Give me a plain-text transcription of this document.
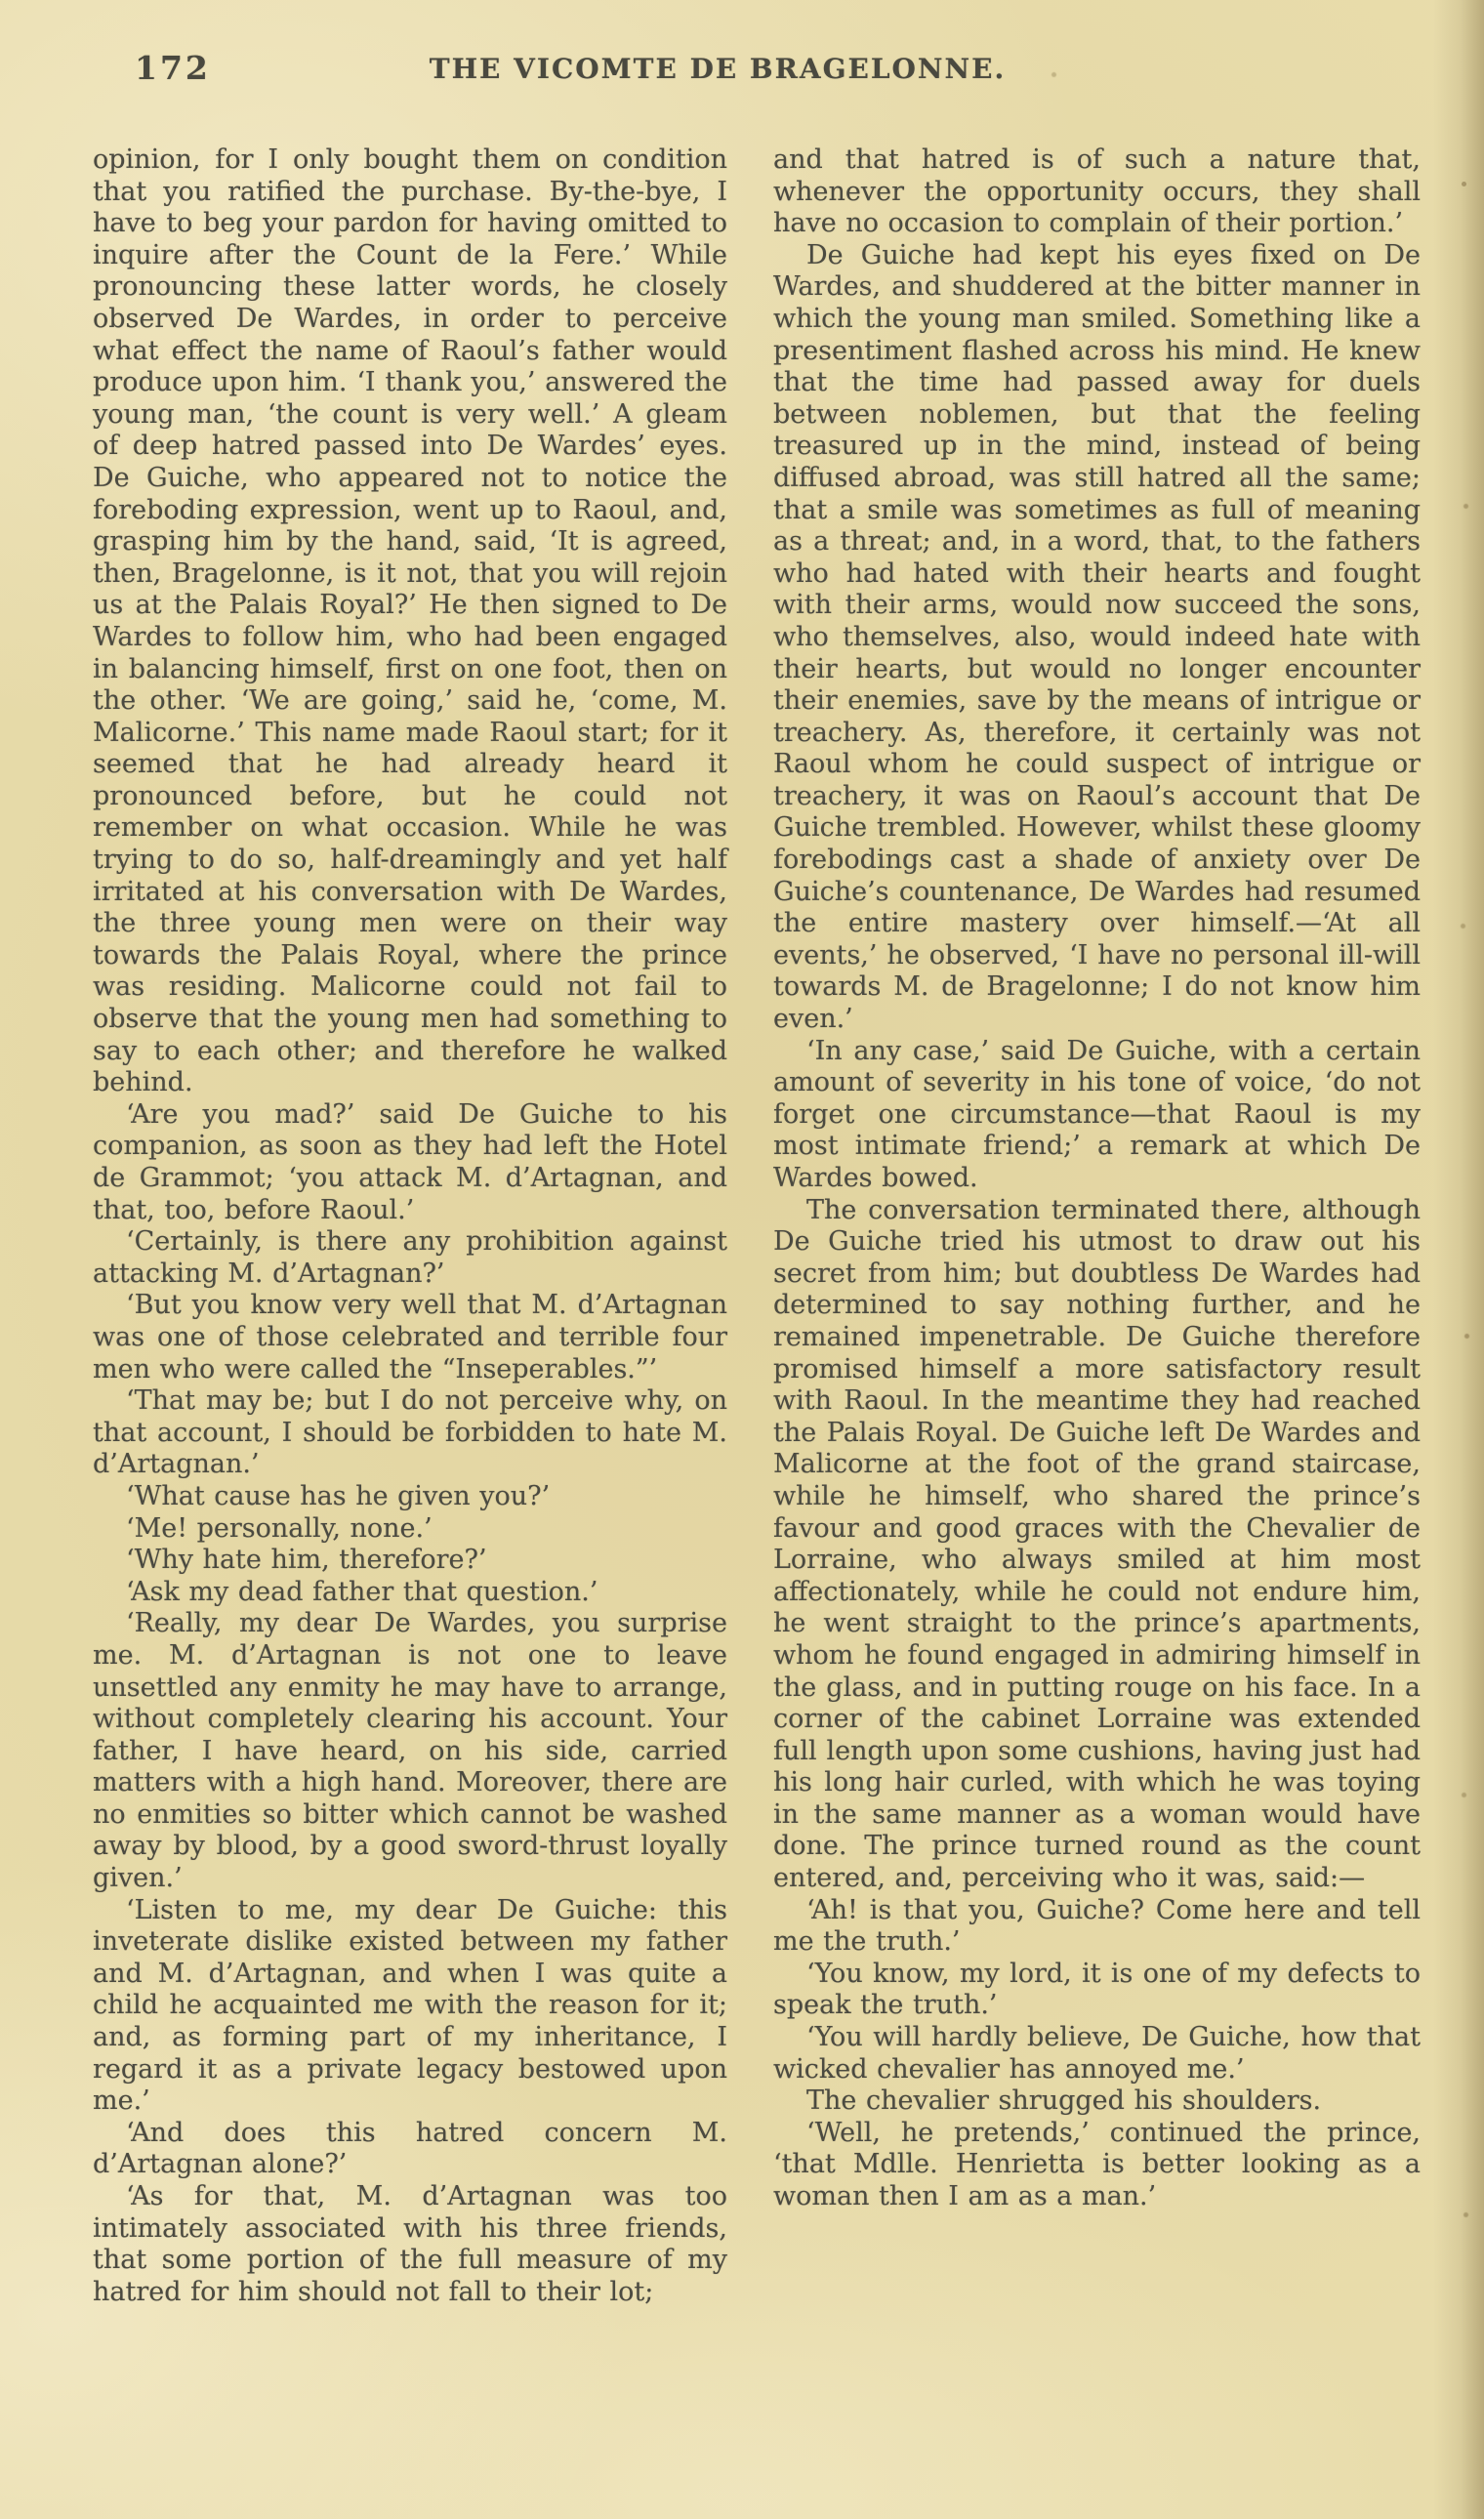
172	THE VICOMTE DE BRAGELONNE.

opinion, for I only bought them on condition that you ratified the purchase. By-the-bye, I have to beg your pardon for having omitted to inquire after the Count de la Fere.’ While pronouncing these latter words, he closely observed De Wardes, in order to perceive what effect the name of Raoul’s father would produce upon him. ‘I thank you,’ answered the young man, ‘the count is very well.’ A gleam of deep hatred passed into De Wardes’ eyes. De Guiche, who appeared not to notice the foreboding expression, went up to Raoul, and, grasping him by the hand, said, ‘It is agreed, then, Bragelonne, is it not, that you will rejoin us at the Palais Royal?’ He then signed to De Wardes to follow him, who had been engaged in balancing himself, first on one foot, then on the other. ‘We are going,’ said he, ‘come, M. Malicorne.’ This name made Raoul start; for it seemed that he had already heard it pronounced before, but he could not remember on what occasion. While he was trying to do so, half-dreamingly and yet half irritated at his conversation with De Wardes, the three young men were on their way towards the Palais Royal, where the prince was residing. Malicorne could not fail to observe that the young men had something to say to each other; and therefore he walked behind.

‘Are you mad?’ said De Guiche to his companion, as soon as they had left the Hotel de Grammot; ‘you attack M. d’Artagnan, and that, too, before Raoul.’

‘Certainly, is there any prohibition against attacking M. d’Artagnan?’

‘But you know very well that M. d’Artagnan was one of those celebrated and terrible four men who were called the “Inseperables.”’

‘That may be; but I do not perceive why, on that account, I should be forbidden to hate M. d’Artagnan.’

‘What cause has he given you?’

‘Me! personally, none.’

‘Why hate him, therefore?’

‘Ask my dead father that question.’

‘Really, my dear De Wardes, you surprise me. M. d’Artagnan is not one to leave unsettled any enmity he may have to arrange, without completely clearing his account. Your father, I have heard, on his side, carried matters with a high hand. Moreover, there are no enmities so bitter which cannot be washed away by blood, by a good sword-thrust loyally given.’

‘Listen to me, my dear De Guiche: this inveterate dislike existed between my father and M. d’Artagnan, and when I was quite a child he acquainted me with the reason for it; and, as forming part of my inheritance, I regard it as a private legacy bestowed upon me.’

‘And does this hatred concern M. d’Artagnan alone?’

‘As for that, M. d’Artagnan was too intimately associated with his three friends, that some portion of the full measure of my hatred for him should not fall to their lot;

and that hatred is of such a nature that, whenever the opportunity occurs, they shall have no occasion to complain of their portion.’

De Guiche had kept his eyes fixed on De Wardes, and shuddered at the bitter manner in which the young man smiled. Something like a presentiment flashed across his mind. He knew that the time had passed away for duels between noblemen, but that the feeling treasured up in the mind, instead of being diffused abroad, was still hatred all the same; that a smile was sometimes as full of meaning as a threat; and, in a word, that, to the fathers who had hated with their hearts and fought with their arms, would now succeed the sons, who themselves, also, would indeed hate with their hearts, but would no longer encounter their enemies, save by the means of intrigue or treachery. As, therefore, it certainly was not Raoul whom he could suspect of intrigue or treachery, it was on Raoul’s account that De Guiche trembled. However, whilst these gloomy forebodings cast a shade of anxiety over De Guiche’s countenance, De Wardes had resumed the entire mastery over himself.—‘At all events,’ he observed, ‘I have no personal ill-will towards M. de Bragelonne; I do not know him even.’

‘In any case,’ said De Guiche, with a certain amount of severity in his tone of voice, ‘do not forget one circumstance—that Raoul is my most intimate friend;’ a remark at which De Wardes bowed.

The conversation terminated there, although De Guiche tried his utmost to draw out his secret from him; but doubtless De Wardes had determined to say nothing further, and he remained impenetrable. De Guiche therefore promised himself a more satisfactory result with Raoul. In the meantime they had reached the Palais Royal. De Guiche left De Wardes and Malicorne at the foot of the grand staircase, while he himself, who shared the prince’s favour and good graces with the Chevalier de Lorraine, who always smiled at him most affectionately, while he could not endure him, he went straight to the prince’s apartments, whom he found engaged in admiring himself in the glass, and in putting rouge on his face. In a corner of the cabinet Lorraine was extended full length upon some cushions, having just had his long hair curled, with which he was toying in the same manner as a woman would have done. The prince turned round as the count entered, and, perceiving who it was, said:—

‘Ah! is that you, Guiche? Come here and tell me the truth.’

‘You know, my lord, it is one of my defects to speak the truth.’

‘You will hardly believe, De Guiche, how that wicked chevalier has annoyed me.’

The chevalier shrugged his shoulders.

‘Well, he pretends,’ continued the prince, ‘that Mdlle. Henrietta is better looking as a woman then I am as a man.’
